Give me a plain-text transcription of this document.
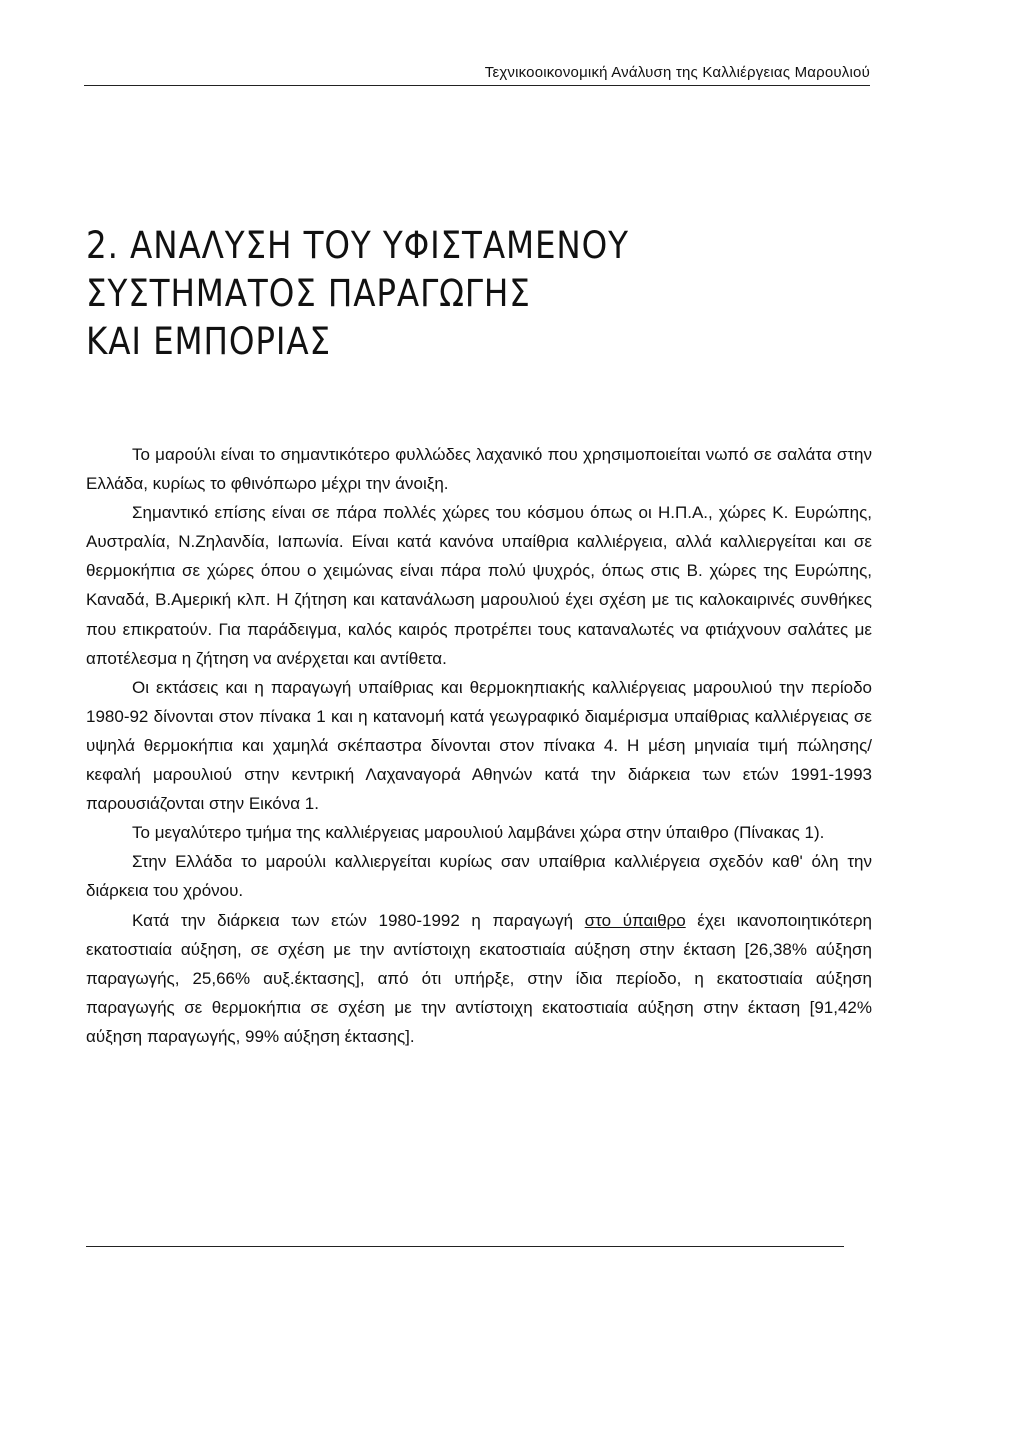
Τεχνικοοικονομική Ανάλυση της Καλλιέργειας Μαρουλιού
2. ΑΝΑΛΥΣΗ ΤΟΥ ΥΦΙΣΤΑΜΕΝΟΥ
ΣΥΣΤΗΜΑΤΟΣ ΠΑΡΑΓΩΓΗΣ
ΚΑΙ ΕΜΠΟΡΙΑΣ

Το μαρούλι είναι το σημαντικότερο φυλλώδες λαχανικό που χρησιμοποιείται νωπό σε σαλάτα στην Ελλάδα, κυρίως το φθινόπωρο μέχρι την άνοιξη.

Σημαντικό επίσης είναι σε πάρα πολλές χώρες του κόσμου όπως οι Η.Π.Α., χώρες Κ. Ευρώπης, Αυστραλία, Ν.Ζηλανδία, Ιαπωνία. Είναι κατά κανόνα υπαίθρια καλλιέργεια, αλλά καλλιεργείται και σε θερμοκήπια σε χώρες όπου ο χειμώνας είναι πάρα πολύ ψυχρός, όπως στις Β. χώρες της Ευρώπης, Καναδά, Β.Αμερική κλπ. Η ζήτηση και κατανάλωση μαρουλιού έχει σχέση με τις καλοκαιρινές συνθήκες που επικρατούν. Για παράδειγμα, καλός καιρός προτρέπει τους καταναλωτές να φτιάχνουν σαλάτες με αποτέλεσμα η ζήτηση να ανέρχεται και αντίθετα.

Οι εκτάσεις και η παραγωγή υπαίθριας και θερμοκηπιακής καλλιέργειας μαρουλιού την περίοδο 1980-92 δίνονται στον πίνακα 1 και η κατανομή κατά γεωγραφικό διαμέρισμα υπαίθριας καλλιέργειας σε υψηλά θερμοκήπια και χαμηλά σκέπαστρα δίνονται στον πίνακα 4. Η μέση μηνιαία τιμή πώλησης/κεφαλή μαρουλιού στην κεντρική Λαχαναγορά Αθηνών κατά την διάρκεια των ετών 1991-1993 παρουσιάζονται στην Εικόνα 1.

Το μεγαλύτερο τμήμα της καλλιέργειας μαρουλιού λαμβάνει χώρα στην ύπαιθρο (Πίνακας 1).

Στην Ελλάδα το μαρούλι καλλιεργείται κυρίως σαν υπαίθρια καλλιέργεια σχεδόν καθ' όλη την διάρκεια του χρόνου.

Κατά την διάρκεια των ετών 1980-1992 η παραγωγή στο ύπαιθρο έχει ικανοποιητικότερη εκατοστιαία αύξηση, σε σχέση με την αντίστοιχη εκατοστιαία αύξηση στην έκταση [26,38% αύξηση παραγωγής, 25,66% αυξ.έκτασης], από ότι υπήρξε, στην ίδια περίοδο, η εκατοστιαία αύξηση παραγωγής σε θερμοκήπια σε σχέση με την αντίστοιχη εκατοστιαία αύξηση στην έκταση [91,42% αύξηση παραγωγής, 99% αύξηση έκτασης].
